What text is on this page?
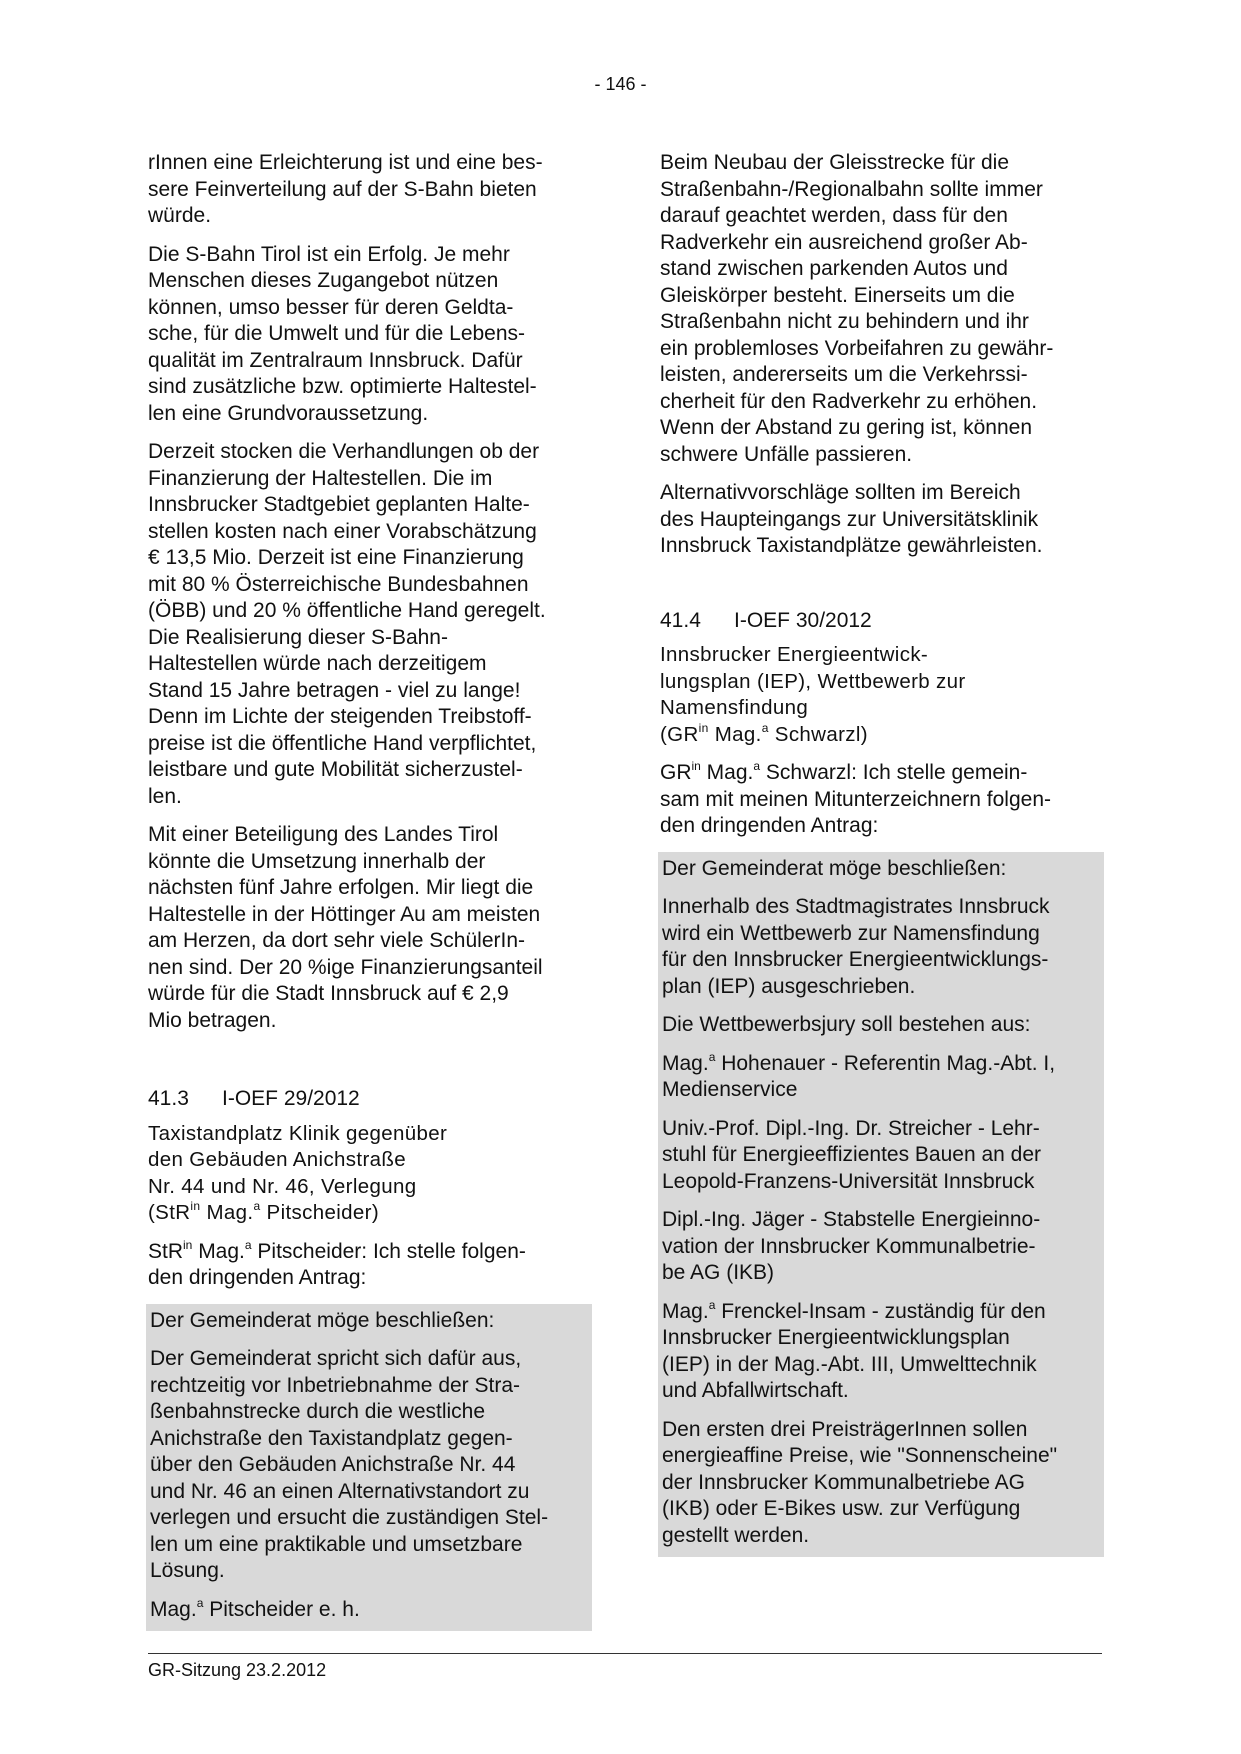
- 146 -

rInnen eine Erleichterung ist und eine bes-
sere Feinverteilung auf der S-Bahn bieten
würde.

Die S-Bahn Tirol ist ein Erfolg. Je mehr
Menschen dieses Zugangebot nützen
können, umso besser für deren Geldta-
sche, für die Umwelt und für die Lebens-
qualität im Zentralraum Innsbruck. Dafür
sind zusätzliche bzw. optimierte Haltestel-
len eine Grundvoraussetzung.

Derzeit stocken die Verhandlungen ob der
Finanzierung der Haltestellen. Die im
Innsbrucker Stadtgebiet geplanten Halte-
stellen kosten nach einer Vorabschätzung
€ 13,5 Mio. Derzeit ist eine Finanzierung
mit 80 % Österreichische Bundesbahnen
(ÖBB) und 20 % öffentliche Hand geregelt.
Die Realisierung dieser S-Bahn-
Haltestellen würde nach derzeitigem
Stand 15 Jahre betragen - viel zu lange!
Denn im Lichte der steigenden Treibstoff-
preise ist die öffentliche Hand verpflichtet,
leistbare und gute Mobilität sicherzustel-
len.

Mit einer Beteiligung des Landes Tirol
könnte die Umsetzung innerhalb der
nächsten fünf Jahre erfolgen. Mir liegt die
Haltestelle in der Höttinger Au am meisten
am Herzen, da dort sehr viele SchülerIn-
nen sind. Der 20 %ige Finanzierungsanteil
würde für die Stadt Innsbruck auf € 2,9
Mio betragen.

41.3	I-OEF 29/2012

Taxistandplatz Klinik gegenüber
den Gebäuden Anichstraße
Nr. 44 und Nr. 46, Verlegung
(StR$^{in}$ Mag.$^a$ Pitscheider)

StR$^{in}$ Mag.$^a$ Pitscheider: Ich stelle folgen-
den dringenden Antrag:

Der Gemeinderat möge beschließen:

Der Gemeinderat spricht sich dafür aus,
rechtzeitig vor Inbetriebnahme der Stra-
ßenbahnstrecke durch die westliche
Anichstraße den Taxistandplatz gegen-
über den Gebäuden Anichstraße Nr. 44
und Nr. 46 an einen Alternativstandort zu
verlegen und ersucht die zuständigen Stel-
len um eine praktikable und umsetzbare
Lösung.

Mag.$^a$ Pitscheider e. h.

Beim Neubau der Gleisstrecke für die
Straßenbahn-/Regionalbahn sollte immer
darauf geachtet werden, dass für den
Radverkehr ein ausreichend großer Ab-
stand zwischen parkenden Autos und
Gleiskörper besteht. Einerseits um die
Straßenbahn nicht zu behindern und ihr
ein problemloses Vorbeifahren zu gewähr-
leisten, andererseits um die Verkehrssi-
cherheit für den Radverkehr zu erhöhen.
Wenn der Abstand zu gering ist, können
schwere Unfälle passieren.

Alternativvorschläge sollten im Bereich
des Haupteingangs zur Universitätsklinik
Innsbruck Taxistandplätze gewährleisten.

41.4	I-OEF 30/2012

Innsbrucker Energieentwick-
lungsplan (IEP), Wettbewerb zur
Namensfindung
($GR^{in}$ Mag.$^a$ Schwarzl)

$GR^{in}$ Mag.$^a$ Schwarzl: Ich stelle gemein-
sam mit meinen Mitunterzeichnern folgen-
den dringenden Antrag:

Der Gemeinderat möge beschließen:

Innerhalb des Stadtmagistrates Innsbruck
wird ein Wettbewerb zur Namensfindung
für den Innsbrucker Energieentwicklungs-
plan (IEP) ausgeschrieben.

Die Wettbewerbsjury soll bestehen aus:

Mag.$^a$ Hohenauer - Referentin Mag.-Abt. I,
Medienservice

Univ.-Prof. Dipl.-Ing. Dr. Streicher - Lehr-
stuhl für Energieeffizientes Bauen an der
Leopold-Franzens-Universität Innsbruck

Dipl.-Ing. Jäger - Stabstelle Energieinno-
vation der Innsbrucker Kommunalbetrie-
be AG (IKB)

Mag.$^a$ Frenckel-Insam - zuständig für den
Innsbrucker Energieentwicklungsplan
(IEP) in der Mag.-Abt. III, Umwelttechnik
und Abfallwirtschaft.

Den ersten drei PreisträgerInnen sollen
energieaffine Preise, wie "Sonnenscheine"
der Innsbrucker Kommunalbetriebe AG
(IKB) oder E-Bikes usw. zur Verfügung
gestellt werden.

GR-Sitzung 23.2.2012
